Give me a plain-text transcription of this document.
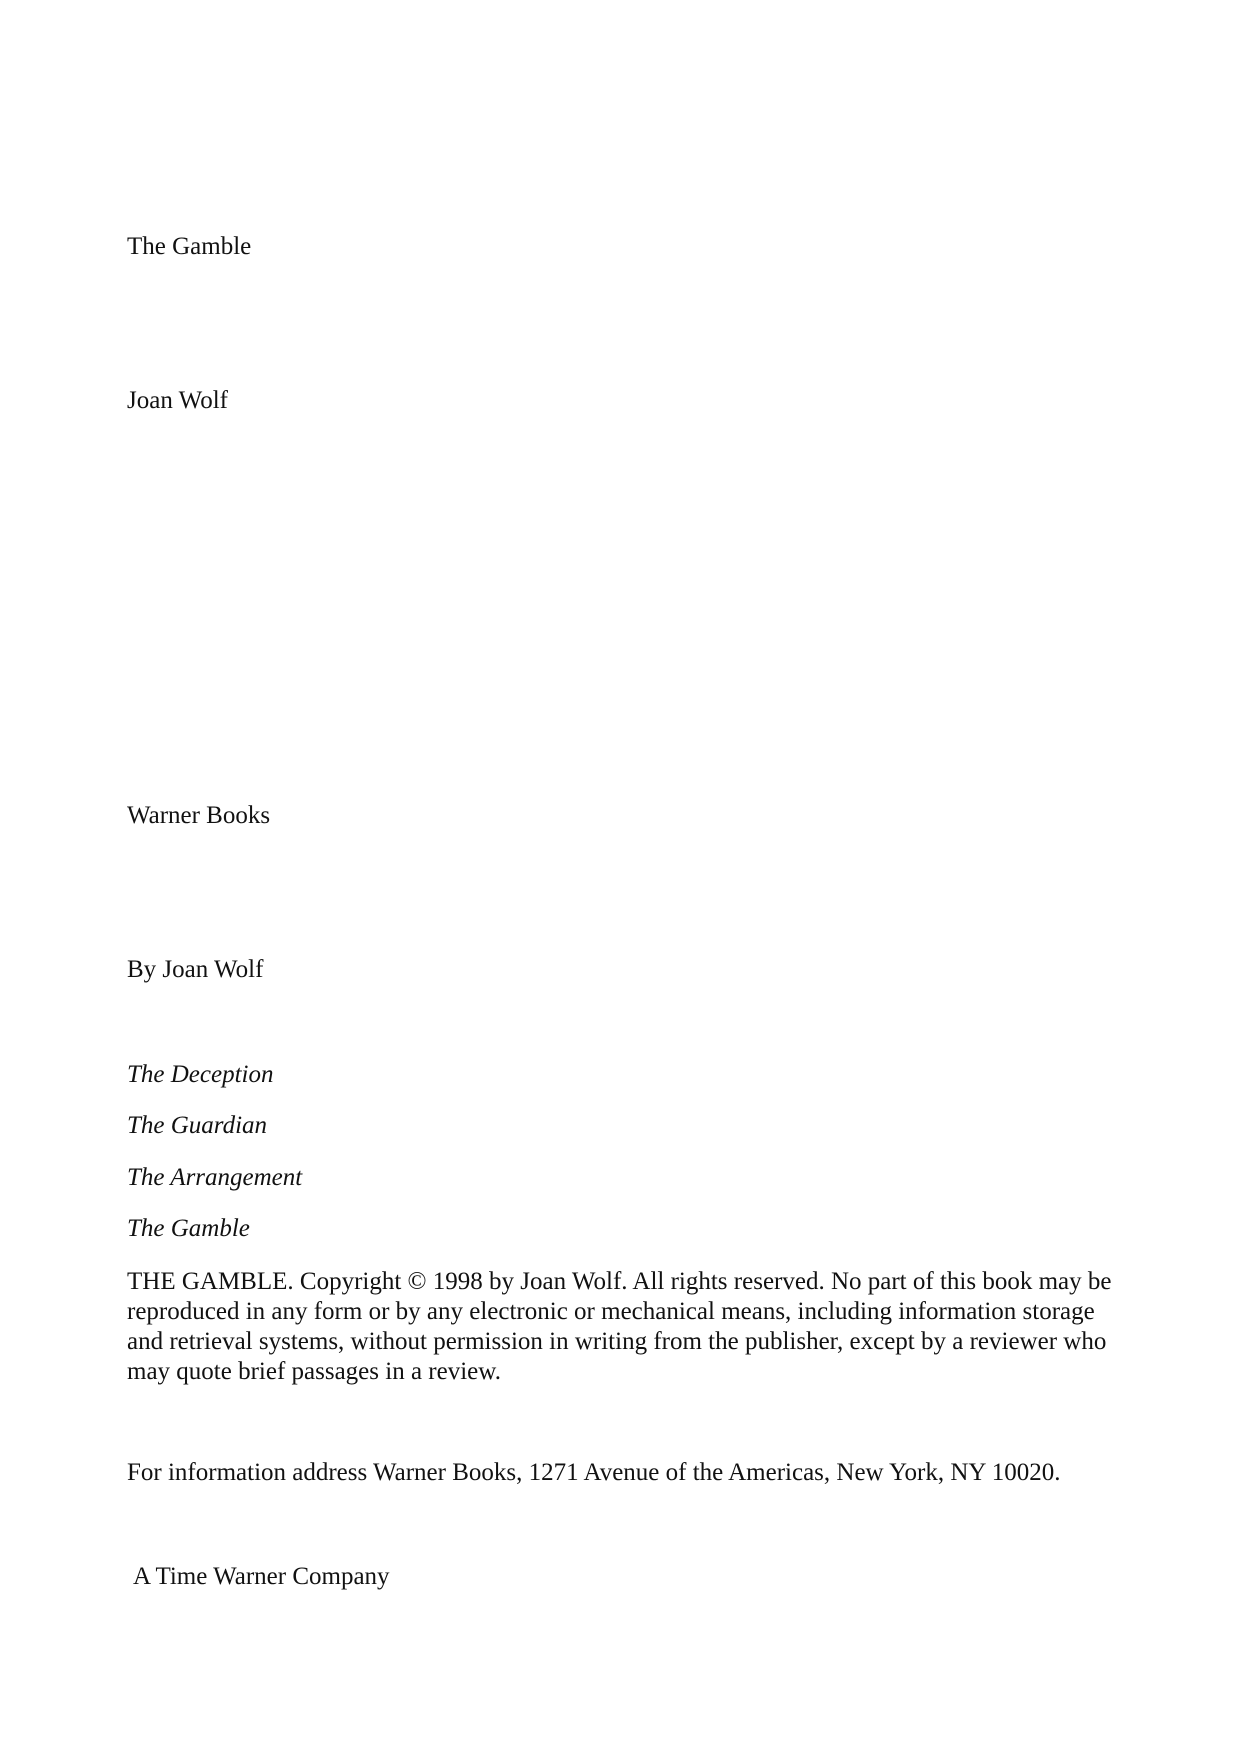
The Gamble

Joan Wolf

Warner Books

By Joan Wolf

The Deception

The Guardian

The Arrangement

The Gamble

THE GAMBLE. Copyright © 1998 by Joan Wolf. All rights reserved. No part of this book may be reproduced in any form or by any electronic or mechanical means, including information storage and retrieval systems, without permission in writing from the publisher, except by a reviewer who may quote brief passages in a review.

For information address Warner Books, 1271 Avenue of the Americas, New York, NY 10020.

A Time Warner Company
